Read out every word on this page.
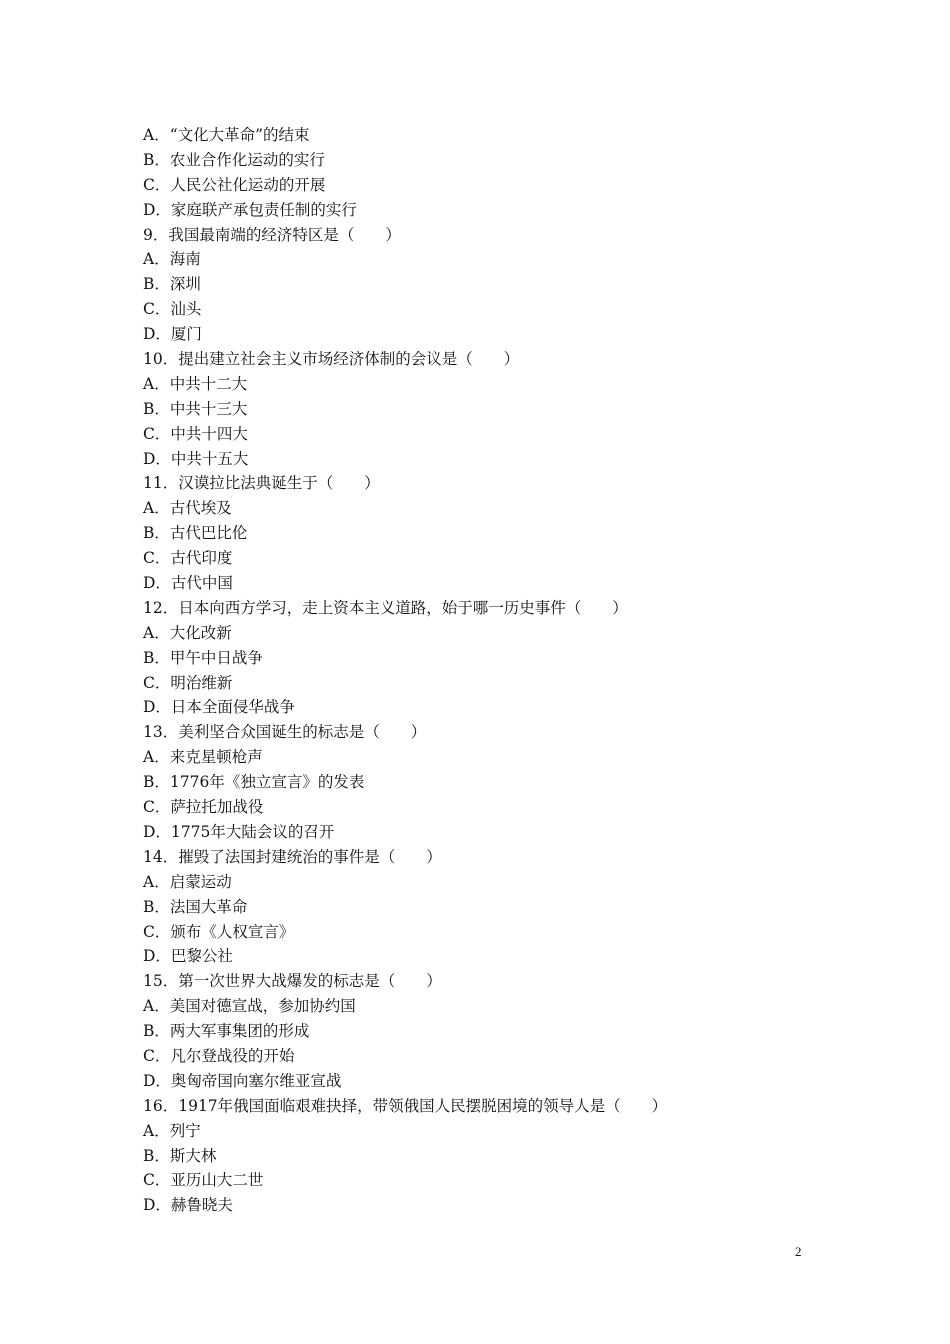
A．“文化大革命”的结束
B．农业合作化运动的实行
C．人民公社化运动的开展
D．家庭联产承包责任制的实行
9．我国最南端的经济特区是（　　）
A．海南
B．深圳
C．汕头
D．厦门
10．提出建立社会主义市场经济体制的会议是（　　）
A．中共十二大
B．中共十三大
C．中共十四大
D．中共十五大
11．汉谟拉比法典诞生于（　　）
A．古代埃及
B．古代巴比伦
C．古代印度
D．古代中国
12．日本向西方学习，走上资本主义道路，始于哪一历史事件（　　）
A．大化改新
B．甲午中日战争
C．明治维新
D．日本全面侵华战争
13．美利坚合众国诞生的标志是（　　）
A．来克星顿枪声
B．1776年《独立宣言》的发表
C．萨拉托加战役
D．1775年大陆会议的召开
14．摧毁了法国封建统治的事件是（　　）
A．启蒙运动
B．法国大革命
C．颁布《人权宣言》
D．巴黎公社
15．第一次世界大战爆发的标志是（　　）
A．美国对德宣战，参加协约国
B．两大军事集团的形成
C．凡尔登战役的开始
D．奥匈帝国向塞尔维亚宣战
16．1917年俄国面临艰难抉择，带领俄国人民摆脱困境的领导人是（　　）
A．列宁
B．斯大林
C．亚历山大二世
D．赫鲁晓夫
2
